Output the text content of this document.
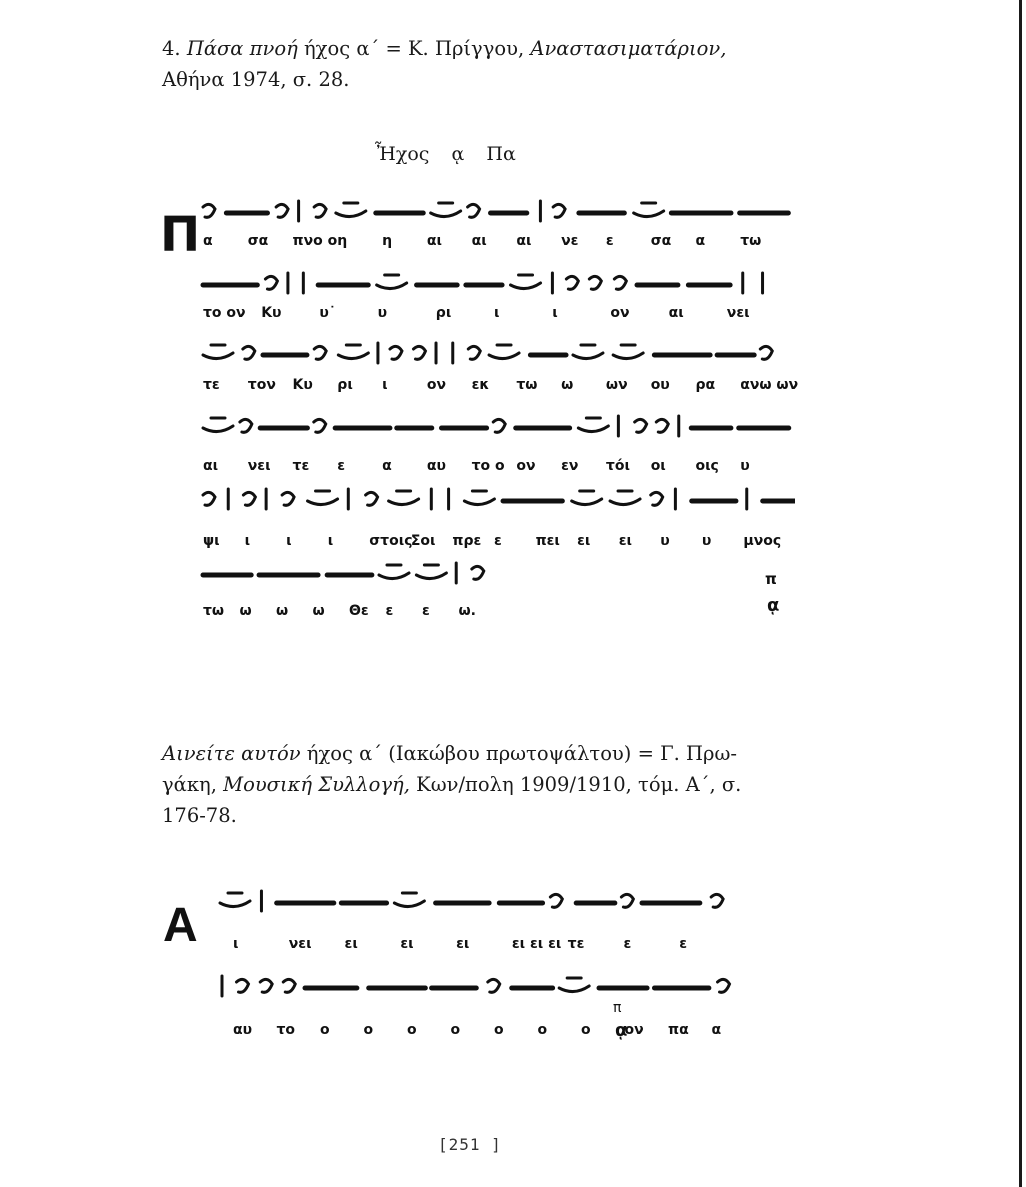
4. Πάσα πνοή ήχος α΄ = Κ. Πρίγγου, Αναστασιματάριον,
Αθήνα 1974, σ. 28.
Ἦχος ᾳ Πα
Π α	σα πνο ο η η αι αι αι νε ε	σα α	τω
το ον Κυ	υ˙	υ	ρι	ι	ι	ον	αι	νει
τε τον Κυ ρι ι	ον εκ τω ω ων ου ρα ανω ων
αι νει τε ε	α	αυ το ο ον εν τόι οι οις υ
ψι ι	ι	ι	στοις
Σοι πρε ε πει ει ει υ υ μνος
τω ω ω ω Θε ε ε ω.
π
ᾳ
Αινείτε αυτόν ήχος α΄ (Ιακώβου πρωτοψάλτου) = Γ. Πρω-
γάκη, Μουσική Συλλογή, Κων/πολη 1909/1910, τόμ. Α΄, σ.
176-78.
Α	ι	νει ει	ει	ει	ει ει ει τε	ε	ε
αυ το ο ο ο ο ο ο ο ον πα α
π
ᾳ
[251 ]
